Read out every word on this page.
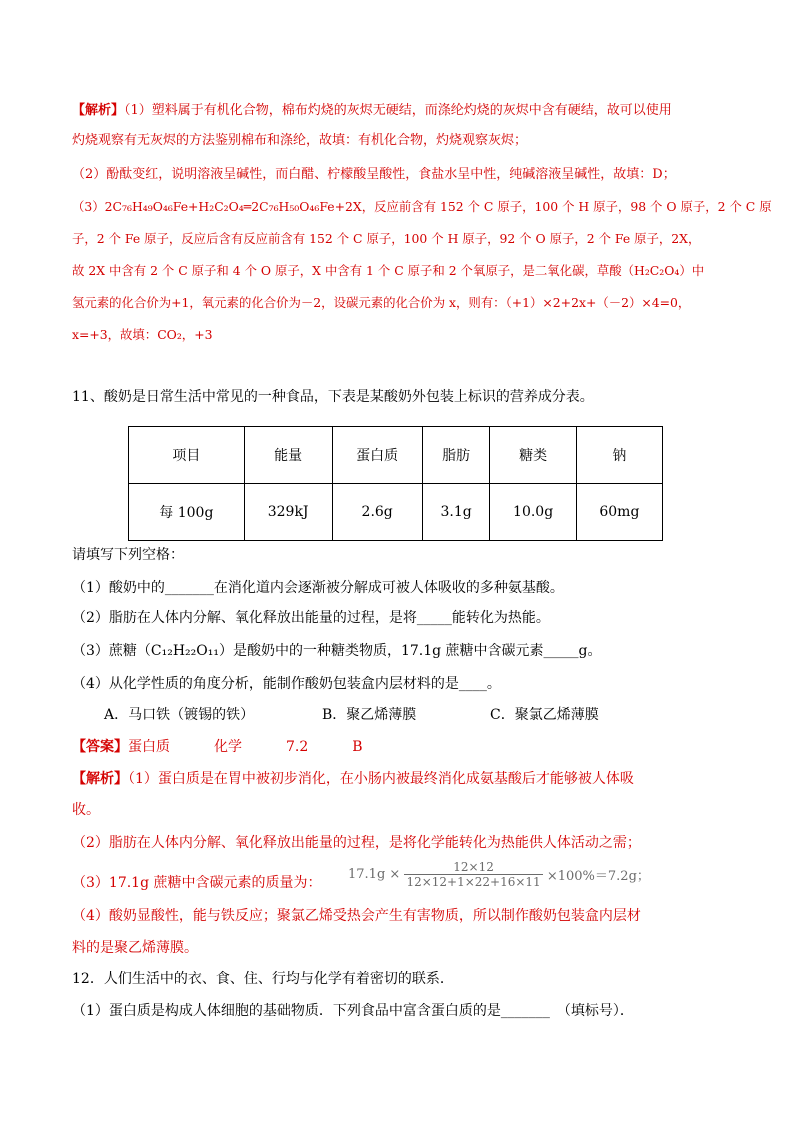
【解析】（1）塑料属于有机化合物，棉布灼烧的灰烬无硬结，而涤纶灼烧的灰烬中含有硬结，故可以使用
灼烧观察有无灰烬的方法鉴别棉布和涤纶，故填：有机化合物，灼烧观察灰烬；
（2）酚酞变红，说明溶液呈碱性，而白醋、柠檬酸呈酸性，食盐水呈中性，纯碱溶液呈碱性，故填：D；
（3）2C₇₆H₄₉O₄₆Fe+H₂C₂O₄═2C₇₆H₅₀O₄₆Fe+2X，反应前含有 152 个 C 原子，100 个 H 原子，98 个 O 原子，2 个 C 原
子，2 个 Fe 原子，反应后含有反应前含有 152 个 C 原子，100 个 H 原子，92 个 O 原子，2 个 Fe 原子，2X，
故 2X 中含有 2 个 C 原子和 4 个 O 原子，X 中含有 1 个 C 原子和 2 个氧原子，是二氧化碳，草酸（H₂C₂O₄）中
氢元素的化合价为+1，氧元素的化合价为－2，设碳元素的化合价为 x，则有：（+1）×2+2x+（－2）×4=0，
x=+3，故填：CO₂，+3
11、酸奶是日常生活中常见的一种食品，下表是某酸奶外包装上标识的营养成分表。
项目	能量	蛋白质	脂肪	糖类	钠
每 100g	329kJ	2.6g	3.1g	10.0g	60mg
请填写下列空格：
（1）酸奶中的_______在消化道内会逐渐被分解成可被人体吸收的多种氨基酸。
（2）脂肪在人体内分解、氧化释放出能量的过程，是将_____能转化为热能。
（3）蔗糖（C₁₂H₂₂O₁₁）是酸奶中的一种糖类物质，17.1g 蔗糖中含碳元素_____g。
（4）从化学性质的角度分析，能制作酸奶包装盒内层材料的是____。
A．马口铁（镀锡的铁）	B．聚乙烯薄膜	C．聚氯乙烯薄膜
【答案】蛋白质	化学	7.2	B
【解析】（1）蛋白质是在胃中被初步消化，在小肠内被最终消化成氨基酸后才能够被人体吸
收。
（2）脂肪在人体内分解、氧化释放出能量的过程，是将化学能转化为热能供人体活动之需；
（3）17.1g 蔗糖中含碳元素的质量为：
$17.1g \times \frac{12\times 12}{12\times 12+1\times 22+16\times 11} \times 100\%=7.2g$；
（4）酸奶显酸性，能与铁反应；聚氯乙烯受热会产生有害物质，所以制作酸奶包装盒内层材
料的是聚乙烯薄膜。
12．人们生活中的衣、食、住、行均与化学有着密切的联系．
（1）蛋白质是构成人体细胞的基础物质．下列食品中富含蛋白质的是_______　（填标号）．
